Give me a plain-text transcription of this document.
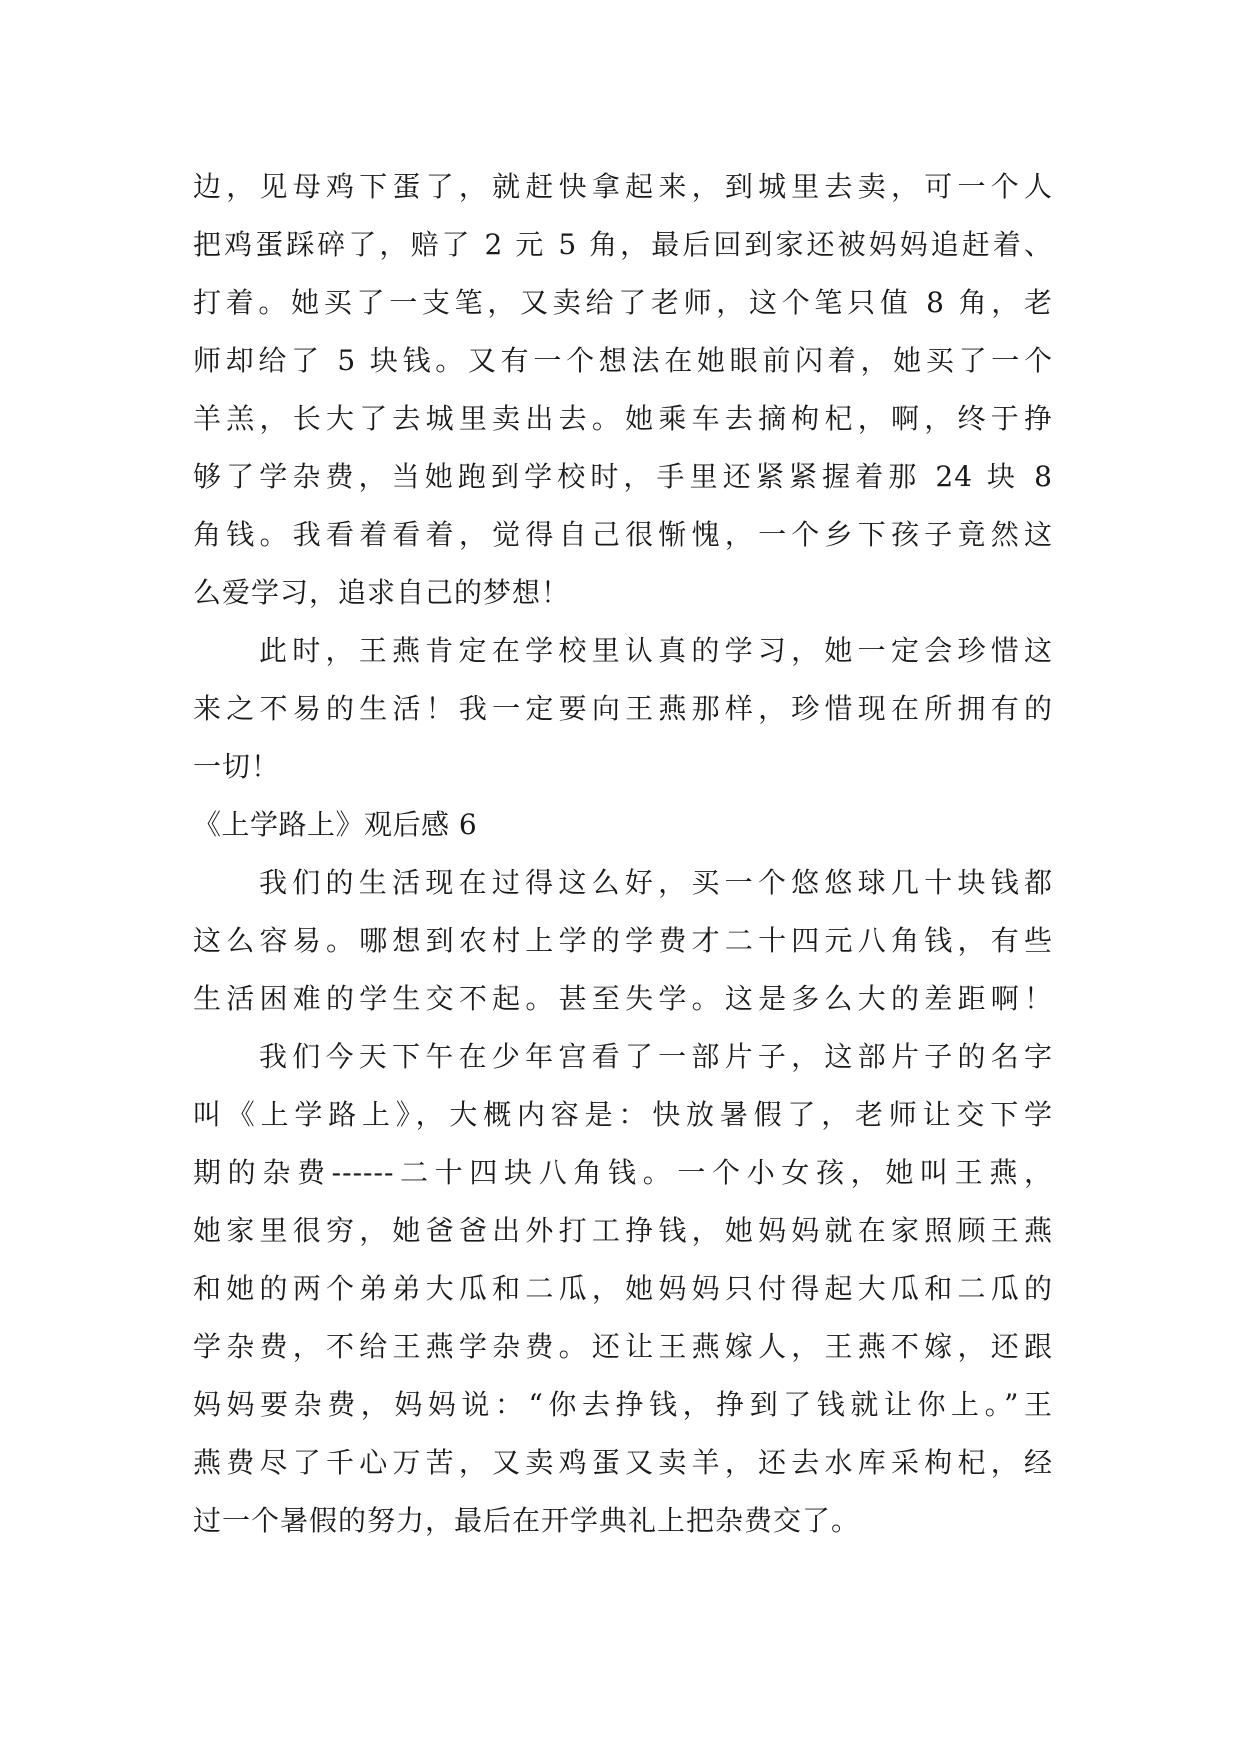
边，见母鸡下蛋了，就赶快拿起来，到城里去卖，可一个人
把鸡蛋踩碎了，赔了 2 元 5 角，最后回到家还被妈妈追赶着、
打着。她买了一支笔，又卖给了老师，这个笔只值 8 角，老
师却给了 5 块钱。又有一个想法在她眼前闪着，她买了一个
羊羔，长大了去城里卖出去。她乘车去摘枸杞，啊，终于挣
够了学杂费，当她跑到学校时，手里还紧紧握着那 24 块 8
角钱。我看着看着，觉得自己很惭愧，一个乡下孩子竟然这
么爱学习，追求自己的梦想！
此时，王燕肯定在学校里认真的学习，她一定会珍惜这
来之不易的生活！我一定要向王燕那样，珍惜现在所拥有的
一切！
《上学路上》观后感 6
我们的生活现在过得这么好，买一个悠悠球几十块钱都
这么容易。哪想到农村上学的学费才二十四元八角钱，有些
生活困难的学生交不起。甚至失学。这是多么大的差距啊！
我们今天下午在少年宫看了一部片子，这部片子的名字
叫《上学路上》，大概内容是：快放暑假了，老师让交下学
期的杂费------二十四块八角钱。一个小女孩，她叫王燕，
她家里很穷，她爸爸出外打工挣钱，她妈妈就在家照顾王燕
和她的两个弟弟大瓜和二瓜，她妈妈只付得起大瓜和二瓜的
学杂费，不给王燕学杂费。还让王燕嫁人，王燕不嫁，还跟
妈妈要杂费，妈妈说：“你去挣钱，挣到了钱就让你上。”王
燕费尽了千心万苦，又卖鸡蛋又卖羊，还去水库采枸杞，经
过一个暑假的努力，最后在开学典礼上把杂费交了。
